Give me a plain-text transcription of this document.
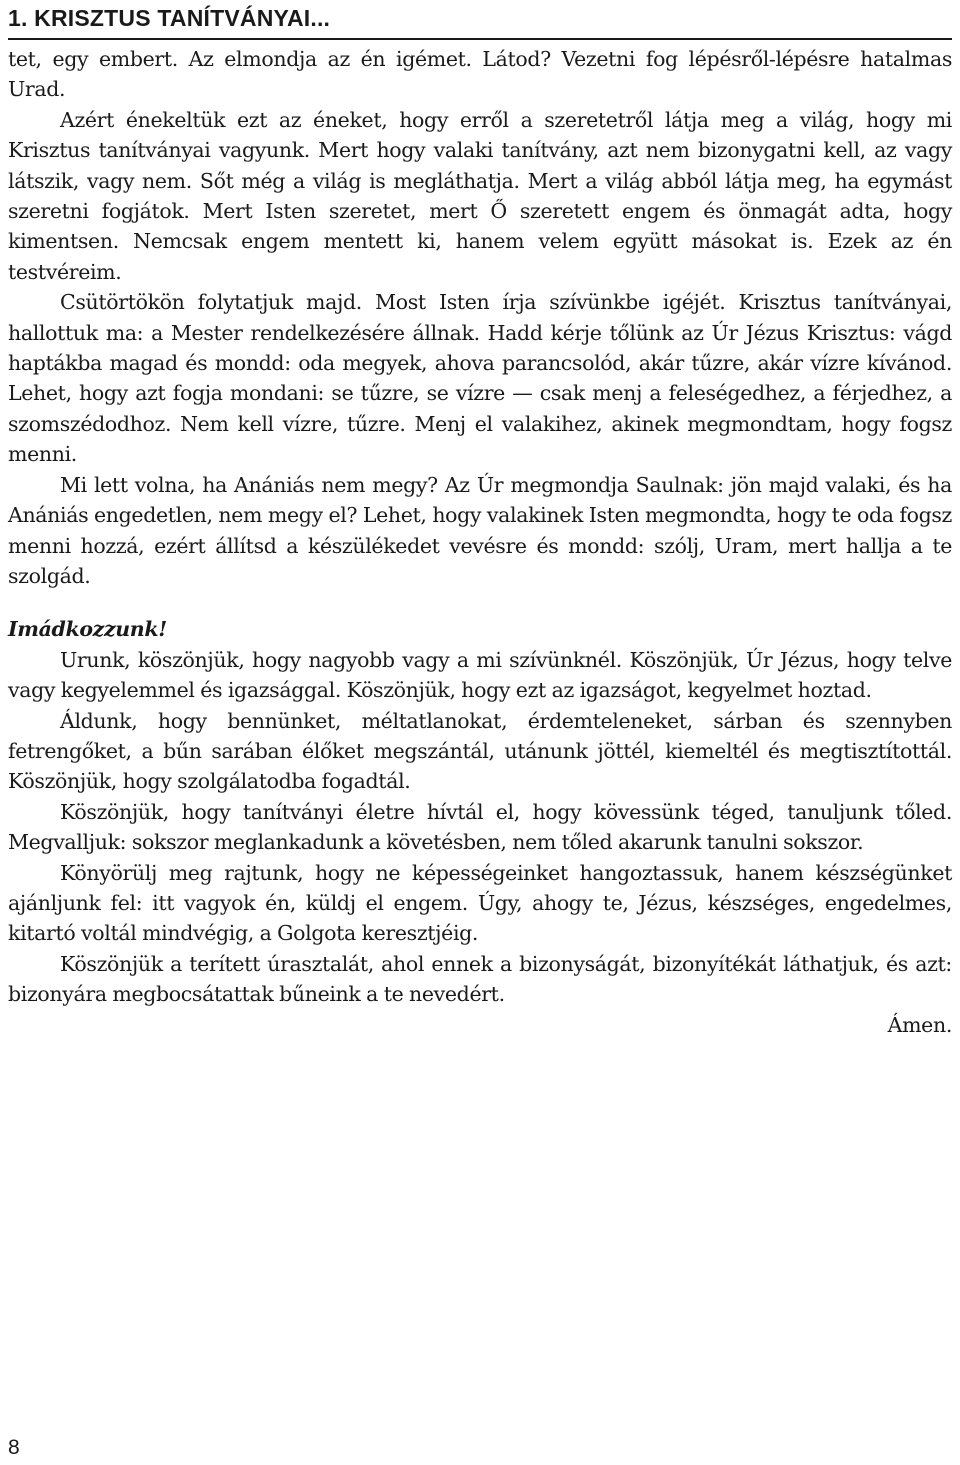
1. KRISZTUS TANÍTVÁNYAI...

tet, egy embert. Az elmondja az én igémet. Látod? Vezetni fog lépésről-lépésre hatalmas Urad.

Azért énekeltük ezt az éneket, hogy erről a szeretetről látja meg a világ, hogy mi Krisztus tanítványai vagyunk. Mert hogy valaki tanítvány, azt nem bizonygatni kell, az vagy látszik, vagy nem. Sőt még a világ is megláthatja. Mert a világ abból látja meg, ha egymást szeretni fogjátok. Mert Isten szeretet, mert Ő szeretett engem és önmagát adta, hogy kimentsen. Nemcsak engem mentett ki, hanem velem együtt másokat is. Ezek az én testvéreim.

Csütörtökön folytatjuk majd. Most Isten írja szívünkbe igéjét. Krisztus tanítványai, hallottuk ma: a Mester rendelkezésére állnak. Hadd kérje tőlünk az Úr Jézus Krisztus: vágd haptákba magad és mondd: oda megyek, ahova parancsolód, akár tűzre, akár vízre kívánod. Lehet, hogy azt fogja mondani: se tűzre, se vízre — csak menj a feleségedhez, a férjedhez, a szomszédodhoz. Nem kell vízre, tűzre. Menj el valakihez, akinek megmondtam, hogy fogsz menni.

Mi lett volna, ha Anániás nem megy? Az Úr megmondja Saulnak: jön majd valaki, és ha Anániás engedetlen, nem megy el? Lehet, hogy valakinek Isten megmondta, hogy te oda fogsz menni hozzá, ezért állítsd a készülékedet vevésre és mondd: szólj, Uram, mert hallja a te szolgád.

Imádkozzunk!

Urunk, köszönjük, hogy nagyobb vagy a mi szívünknél. Köszönjük, Úr Jézus, hogy telve vagy kegyelemmel és igazsággal. Köszönjük, hogy ezt az igazságot, kegyelmet hoztad.

Áldunk, hogy bennünket, méltatlanokat, érdemteleneket, sárban és szennyben fetrengőket, a bűn sarában élőket megszántál, utánunk jöttél, kiemeltél és megtisztítottál. Köszönjük, hogy szolgálatodba fogadtál.

Köszönjük, hogy tanítványi életre hívtál el, hogy kövessünk téged, tanuljunk tőled. Megvalljuk: sokszor meglankadunk a követésben, nem tőled akarunk tanulni sokszor.

Könyörülj meg rajtunk, hogy ne képességeinket hangoztassuk, hanem készségünket ajánljunk fel: itt vagyok én, küldj el engem. Úgy, ahogy te, Jézus, készséges, engedelmes, kitartó voltál mindvégig, a Golgota keresztjéig.

Köszönjük a terített úrasztalát, ahol ennek a bizonyságát, bizonyítékát láthatjuk, és azt: bizonyára megbocsátattak bűneink a te nevedért.

Ámen.

8
